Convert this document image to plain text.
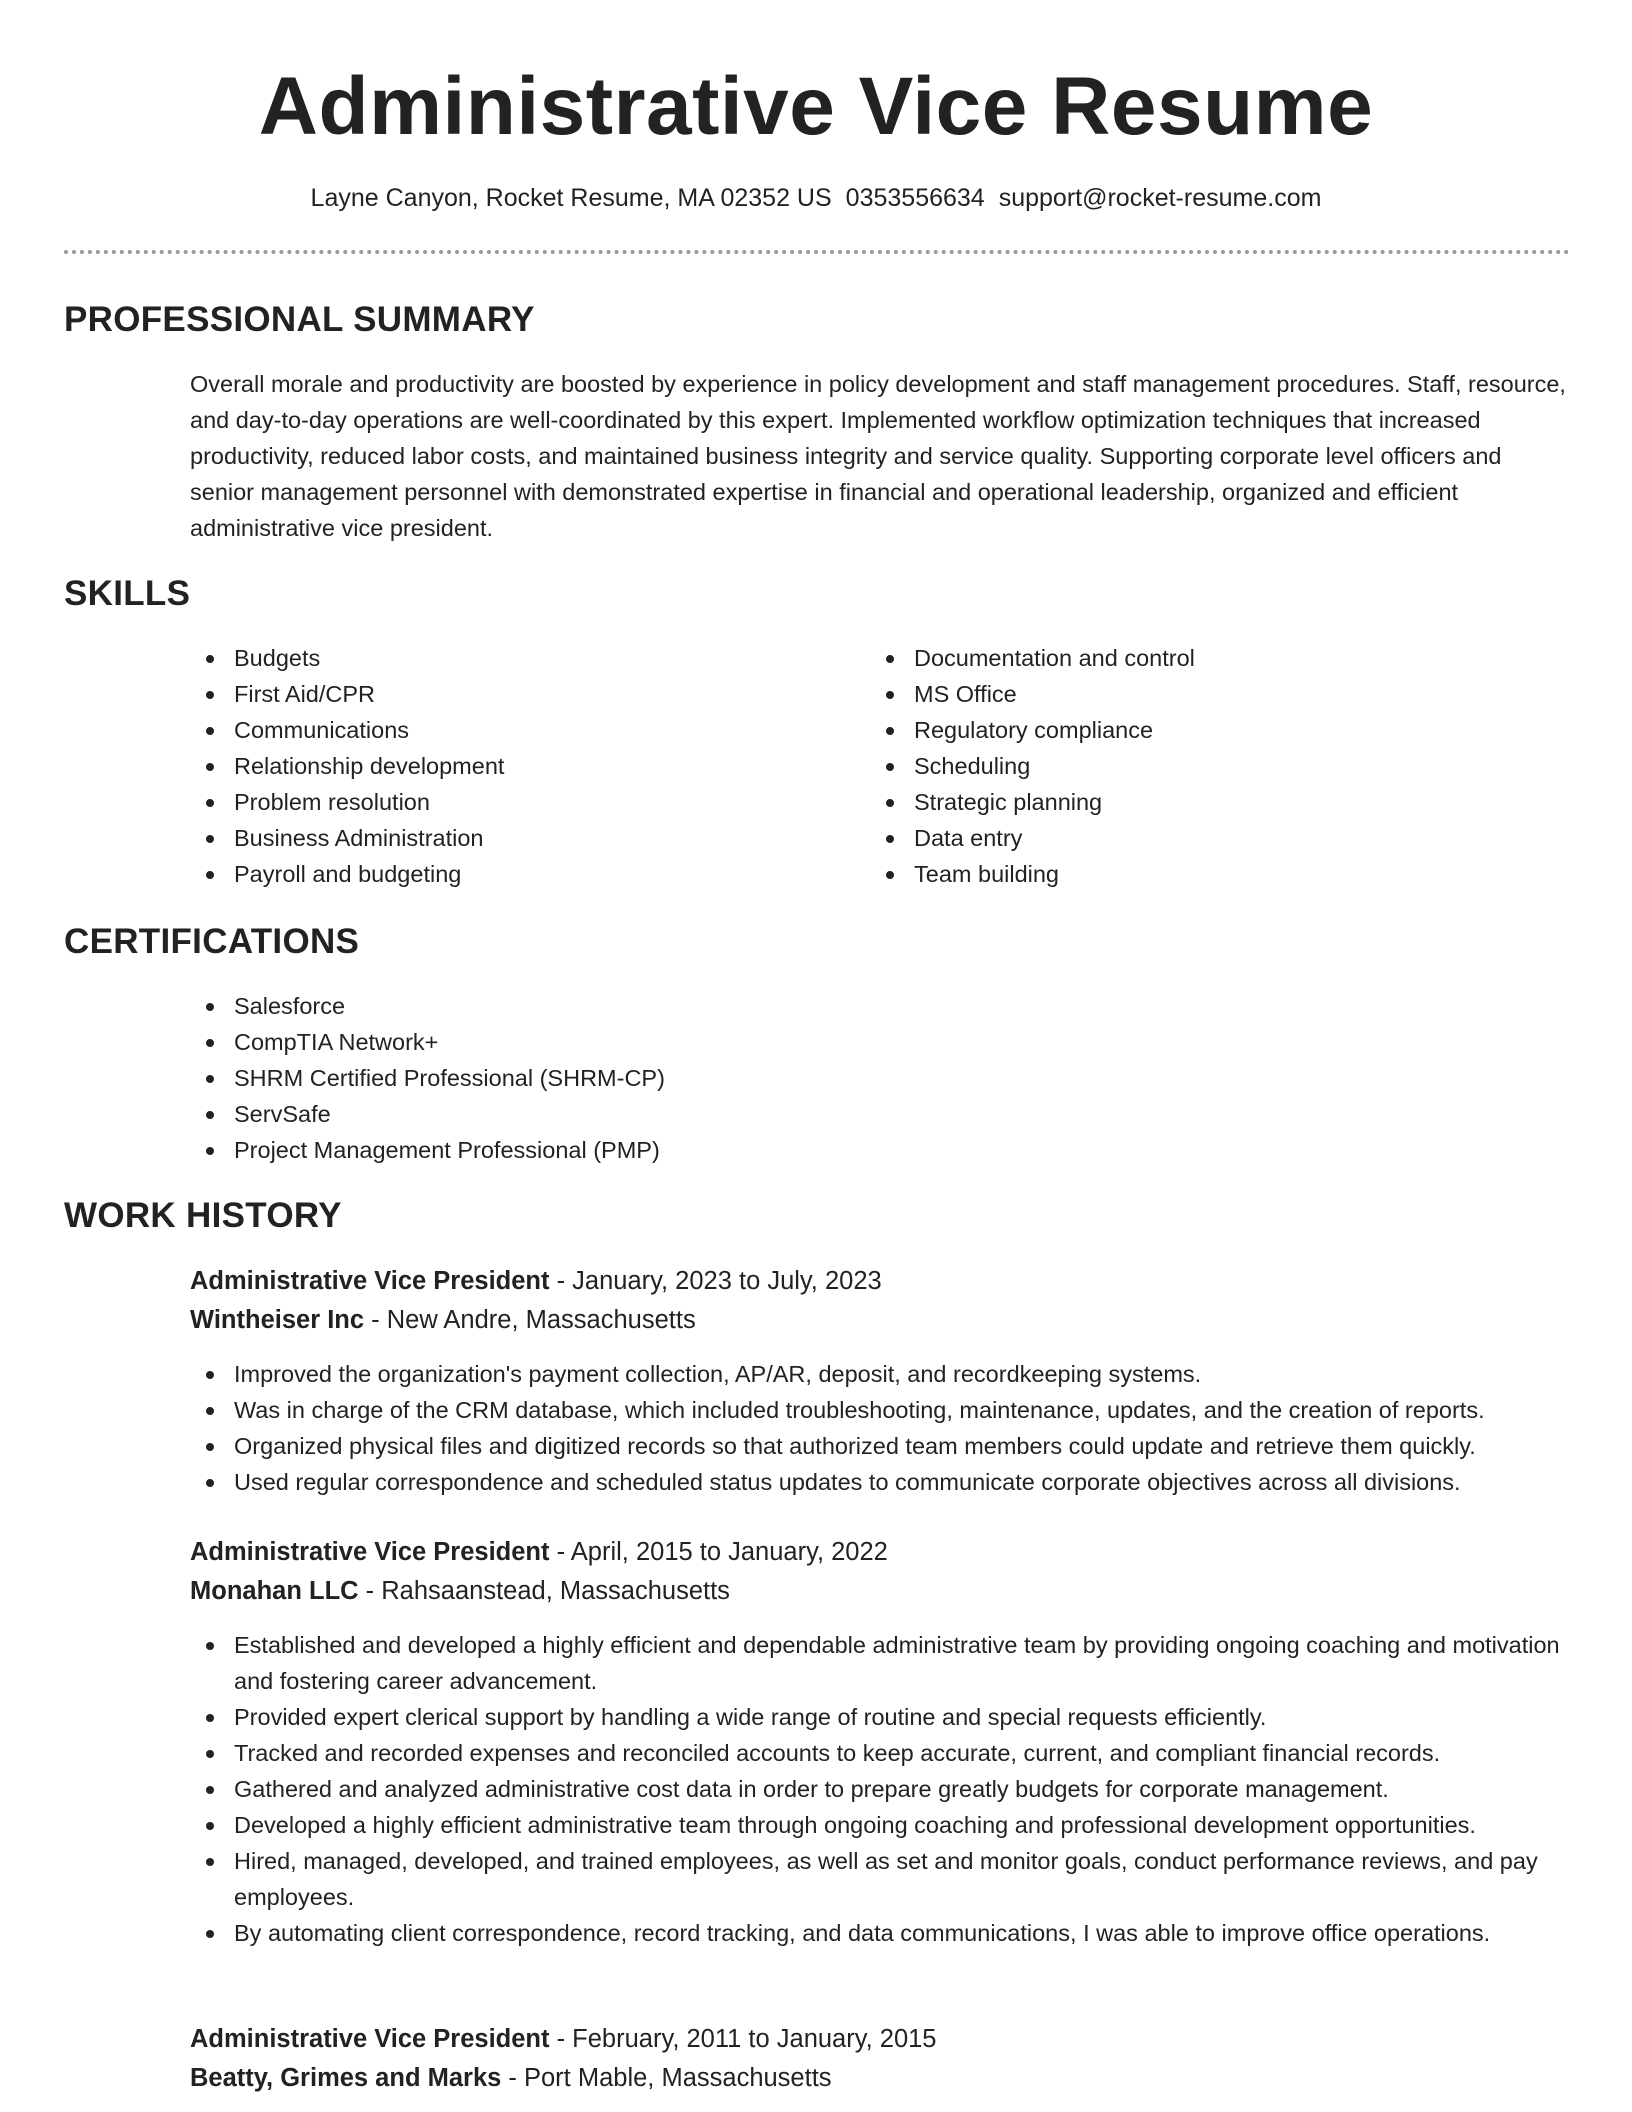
Administrative Vice Resume
Layne Canyon, Rocket Resume, MA 02352 US 0353556634 support@rocket-resume.com
PROFESSIONAL SUMMARY

Overall morale and productivity are boosted by experience in policy development and staff management procedures. Staff, resource, and day-to-day operations are well-coordinated by this expert. Implemented workflow optimization techniques that increased productivity, reduced labor costs, and maintained business integrity and service quality. Supporting corporate level officers and senior management personnel with demonstrated expertise in financial and operational leadership, organized and efficient administrative vice president.

SKILLS
Budgets
First Aid/CPR
Communications
Relationship development
Problem resolution
Business Administration
Payroll and budgeting
Documentation and control
MS Office
Regulatory compliance
Scheduling
Strategic planning
Data entry
Team building
CERTIFICATIONS
Salesforce
CompTIA Network+
SHRM Certified Professional (SHRM-CP)
ServSafe
Project Management Professional (PMP)
WORK HISTORY
Administrative Vice President - January, 2023 to July, 2023
Wintheiser Inc - New Andre, Massachusetts
Improved the organization's payment collection, AP/AR, deposit, and recordkeeping systems.
Was in charge of the CRM database, which included troubleshooting, maintenance, updates, and the creation of reports.
Organized physical files and digitized records so that authorized team members could update and retrieve them quickly.
Used regular correspondence and scheduled status updates to communicate corporate objectives across all divisions.
Administrative Vice President - April, 2015 to January, 2022
Monahan LLC - Rahsaanstead, Massachusetts
Established and developed a highly efficient and dependable administrative team by providing ongoing coaching and motivation and fostering career advancement.
Provided expert clerical support by handling a wide range of routine and special requests efficiently.
Tracked and recorded expenses and reconciled accounts to keep accurate, current, and compliant financial records.
Gathered and analyzed administrative cost data in order to prepare greatly budgets for corporate management.
Developed a highly efficient administrative team through ongoing coaching and professional development opportunities.
Hired, managed, developed, and trained employees, as well as set and monitor goals, conduct performance reviews, and pay employees.
By automating client correspondence, record tracking, and data communications, I was able to improve office operations.
Administrative Vice President - February, 2011 to January, 2015
Beatty, Grimes and Marks - Port Mable, Massachusetts
